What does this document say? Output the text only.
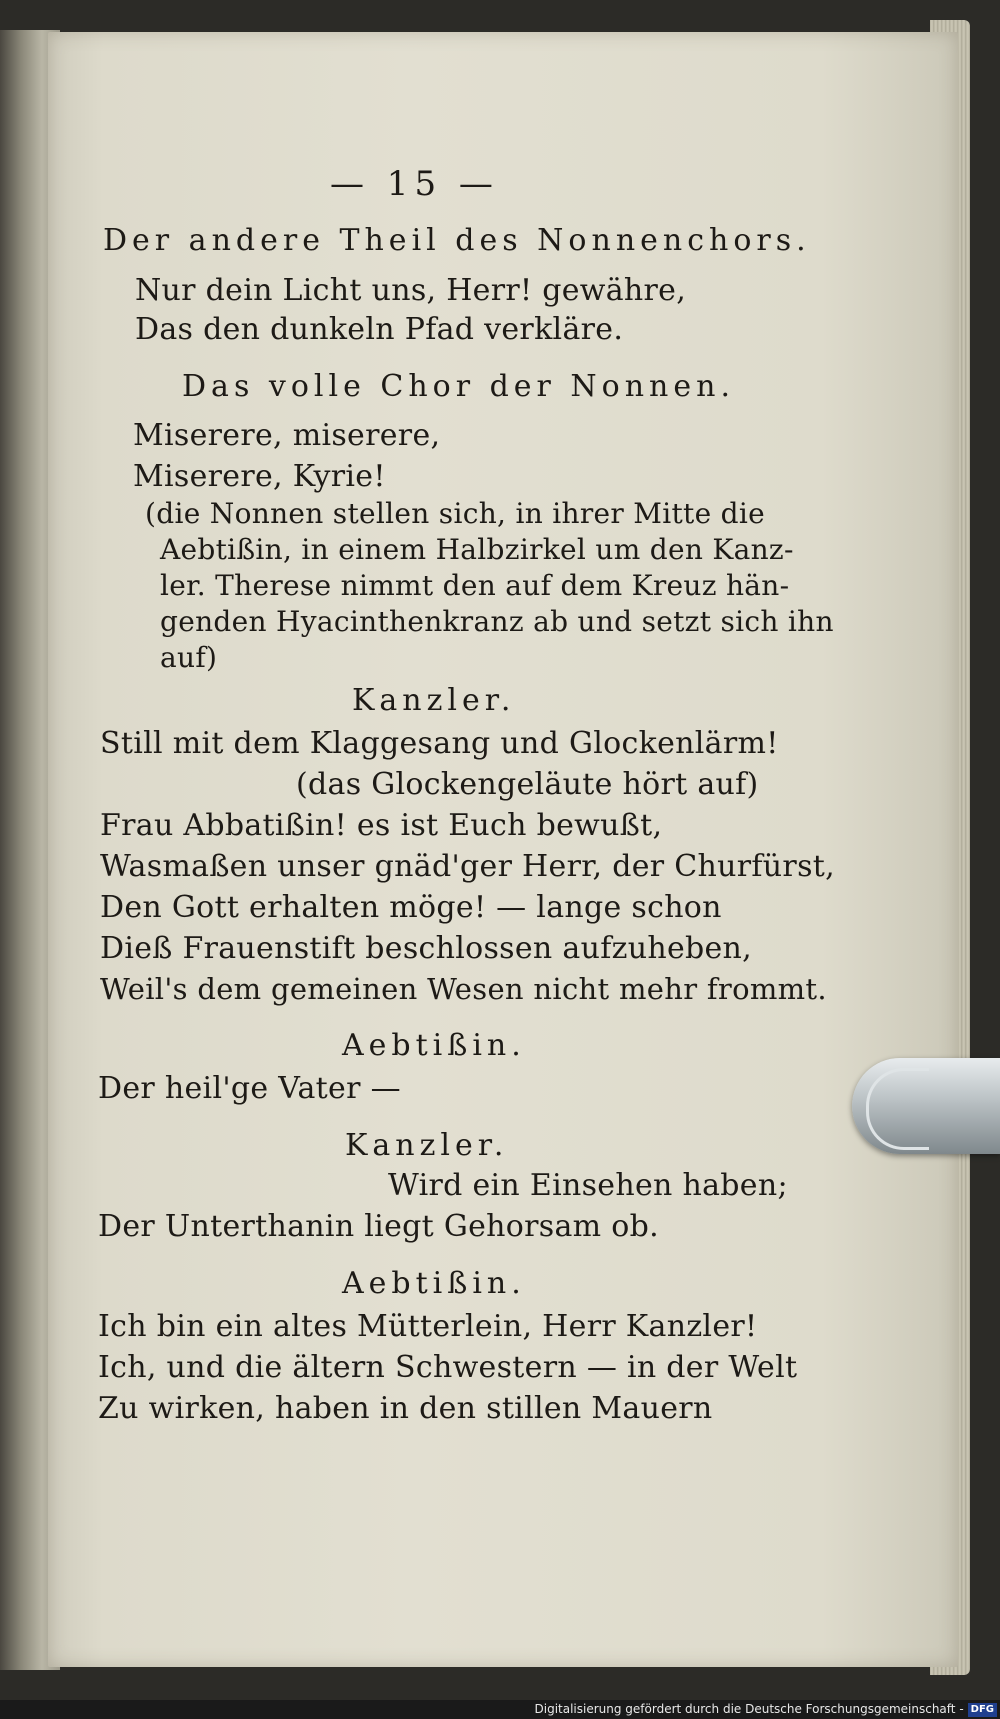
— 15 —
Der andere Theil des Nonnenchors.
Nur dein Licht uns, Herr! gewähre,
Das den dunkeln Pfad verkläre.
Das volle Chor der Nonnen.
Miserere, miserere,
Miserere, Kyrie!
(die Nonnen stellen sich, in ihrer Mitte die
Aebtißin, in einem Halbzirkel um den Kanz-
ler. Therese nimmt den auf dem Kreuz hän-
genden Hyacinthenkranz ab und setzt sich ihn
auf)
Kanzler.
Still mit dem Klaggesang und Glockenlärm!
(das Glockengeläute hört auf)
Frau Abbatißin! es ist Euch bewußt,
Wasmaßen unser gnäd'ger Herr, der Churfürst,
Den Gott erhalten möge! — lange schon
Dieß Frauenstift beschlossen aufzuheben,
Weil's dem gemeinen Wesen nicht mehr frommt.
Aebtißin.
Der heil'ge Vater —
Kanzler.
Wird ein Einsehen haben;
Der Unterthanin liegt Gehorsam ob.
Aebtißin.
Ich bin ein altes Mütterlein, Herr Kanzler!
Ich, und die ältern Schwestern — in der Welt
Zu wirken, haben in den stillen Mauern
Digitalisierung gefördert durch die Deutsche Forschungsgemeinschaft - DFG
